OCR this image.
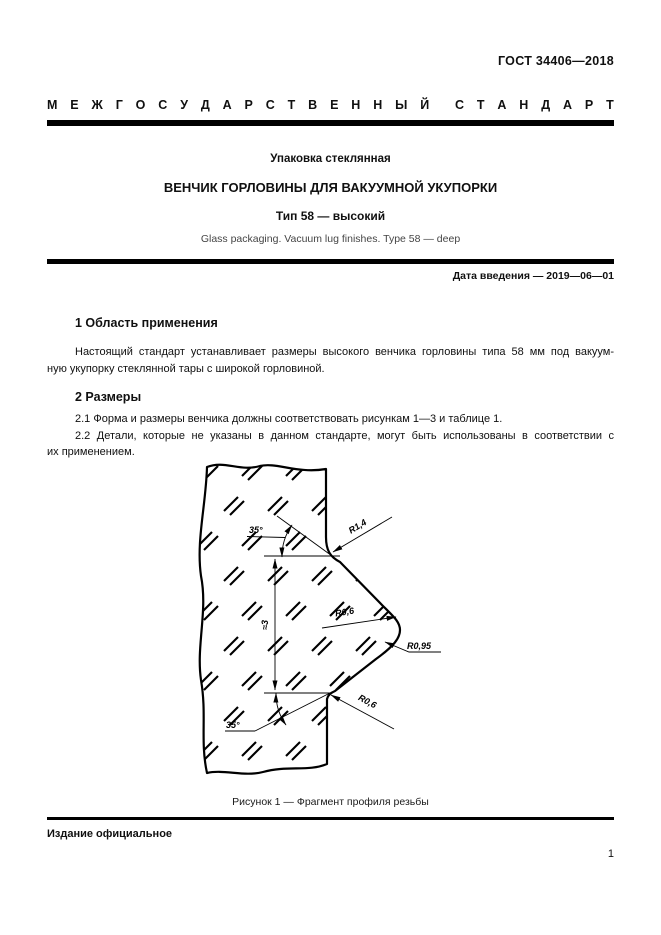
ГОСТ 34406—2018
М Е Ж Г О С У Д А Р С Т В Е Н Н Ы Й С Т А Н Д А Р Т
Упаковка стеклянная
ВЕНЧИК ГОРЛОВИНЫ ДЛЯ ВАКУУМНОЙ УКУПОРКИ
Тип 58 — высокий
Glass packaging. Vacuum lug finishes. Type 58 — deep
Дата введения — 2019—06—01
1 Область применения
Настоящий стандарт устанавливает размеры высокого венчика горловины типа 58 мм под вакуум-
ную укупорку стеклянной тары с широкой горловиной.
2 Размеры
2.1 Форма и размеры венчика должны соответствовать рисункам 1—3 и таблице 1.
2.2 Детали, которые не указаны в данном стандарте, могут быть использованы в соответствии с
их применением.
35°
35°
≈3
R1,4
R0,6
R0,95
R0,6
Рисунок 1 — Фрагмент профиля резьбы
Издание официальное
1
